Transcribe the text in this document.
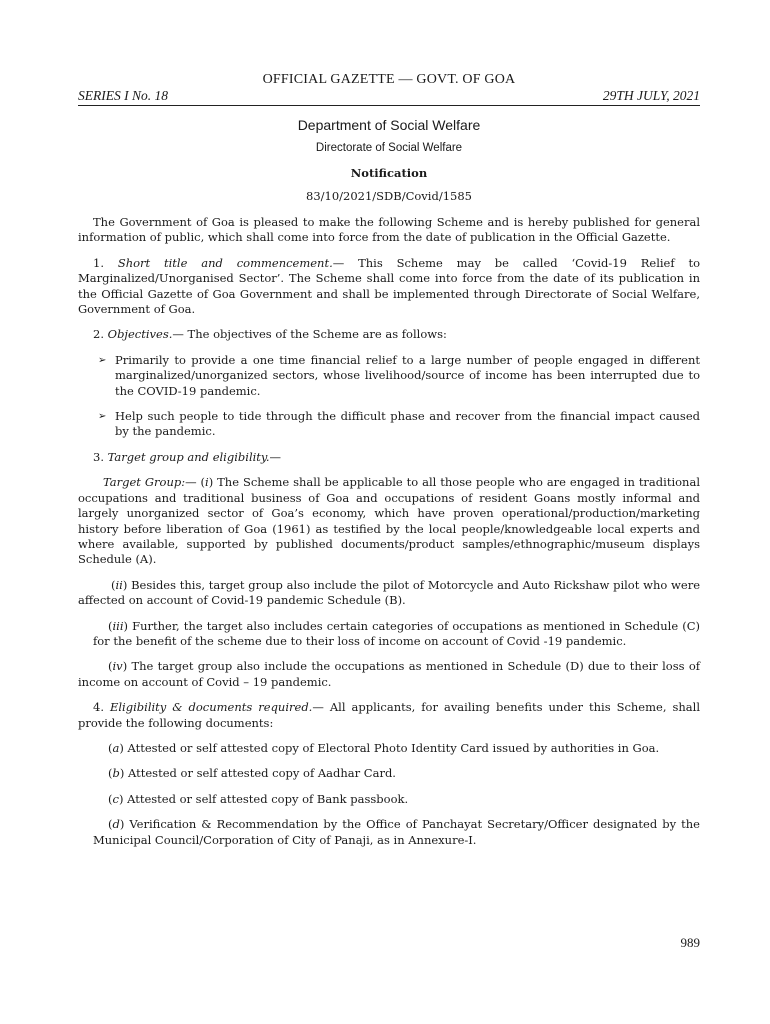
OFFICIAL GAZETTE — GOVT. OF GOA
SERIES I No. 18	29TH JULY, 2021
Department of Social Welfare
Directorate of Social Welfare
Notification
83/10/2021/SDB/Covid/1585

The Government of Goa is pleased to make the following Scheme and is hereby published for general information of public, which shall come into force from the date of publication in the Official Gazette.

1. Short title and commencement.— This Scheme may be called ‘Covid-19 Relief to Marginalized/Unorganised Sector’. The Scheme shall come into force from the date of its publication in the Official Gazette of Goa Government and shall be implemented through Directorate of Social Welfare, Government of Goa.

2. Objectives.— The objectives of the Scheme are as follows:

➢ Primarily to provide a one time financial relief to a large number of people engaged in different marginalized/unorganized sectors, whose livelihood/source of income has been interrupted due to the COVID-19 pandemic.
➢ Help such people to tide through the difficult phase and recover from the financial impact caused by the pandemic.

3. Target group and eligibility.—

Target Group:— (i) The Scheme shall be applicable to all those people who are engaged in traditional occupations and traditional business of Goa and occupations of resident Goans mostly informal and largely unorganized sector of Goa’s economy, which have proven operational/production/marketing history before liberation of Goa (1961) as testified by the local people/knowledgeable local experts and where available, supported by published documents/product samples/ethnographic/museum displays Schedule (A).

(ii) Besides this, target group also include the pilot of Motorcycle and Auto Rickshaw pilot who were affected on account of Covid-19 pandemic Schedule (B).

(iii) Further, the target also includes certain categories of occupations as mentioned in Schedule (C) for the benefit of the scheme due to their loss of income on account of Covid -19 pandemic.

(iv) The target group also include the occupations as mentioned in Schedule (D) due to their loss of income on account of Covid – 19 pandemic.

4. Eligibility & documents required.— All applicants, for availing benefits under this Scheme, shall provide the following documents:

(a) Attested or self attested copy of Electoral Photo Identity Card issued by authorities in Goa.

(b) Attested or self attested copy of Aadhar Card.

(c) Attested or self attested copy of Bank passbook.

(d) Verification & Recommendation by the Office of Panchayat Secretary/Officer designated by the Municipal Council/Corporation of City of Panaji, as in Annexure-I.

989
